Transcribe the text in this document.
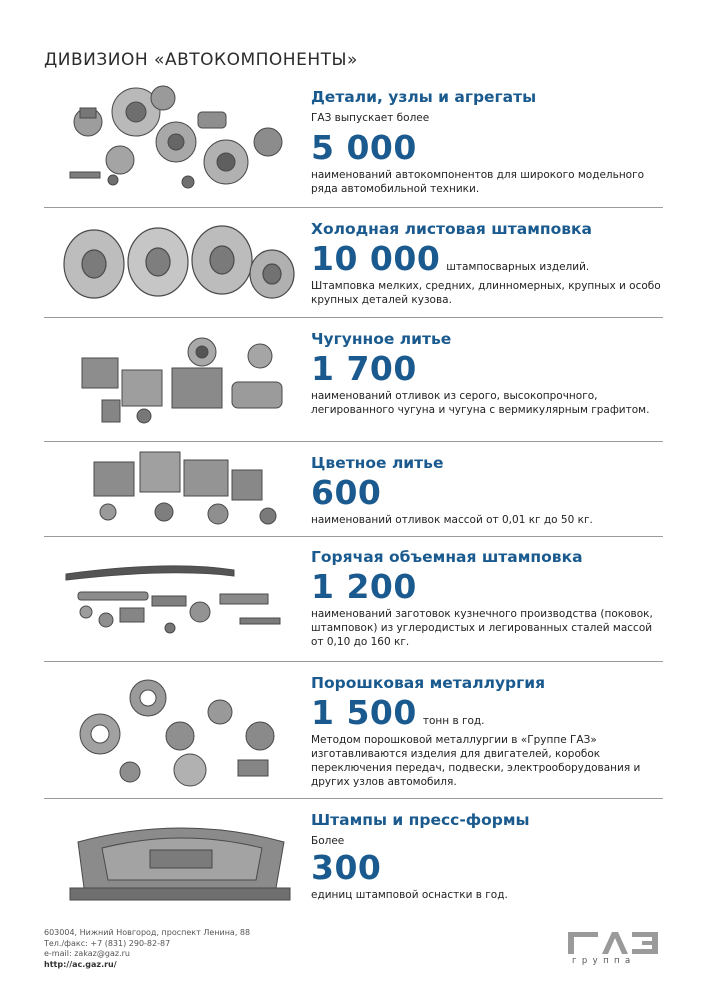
ДИВИЗИОН «АВТОКОМПОНЕНТЫ»
Детали, узлы и агрегаты
ГАЗ выпускает более
5 000
наименований автокомпонентов для широкого модельного ряда автомобильной техники.
Холодная листовая штамповка
10 000 штампосварных изделий.
Штамповка мелких, средних, длинномерных, крупных и особо крупных деталей кузова.
Чугунное литье
1 700
наименований отливок из серого, высокопрочного, легированного чугуна и чугуна с вермикулярным графитом.
Цветное литье
600
наименований отливок массой от 0,01 кг до 50 кг.
Горячая объемная штамповка
1 200
наименований заготовок кузнечного производства (поковок, штамповок) из углеродистых и легированных сталей массой от 0,10 до 160 кг.
Порошковая металлургия
1 500 тонн в год.
Методом порошковой металлургии в «Группе ГАЗ» изготавливаются изделия для двигателей, коробок переключения передач, подвески, электрооборудования и других узлов автомобиля.
Штампы и пресс-формы
Более
300
единиц штамповой оснастки в год.
603004, Нижний Новгород, проспект Ленина, 88
Тел./факс: +7 (831) 290-82-87
e-mail: zakaz@gaz.ru
http://ac.gaz.ru/	группа
